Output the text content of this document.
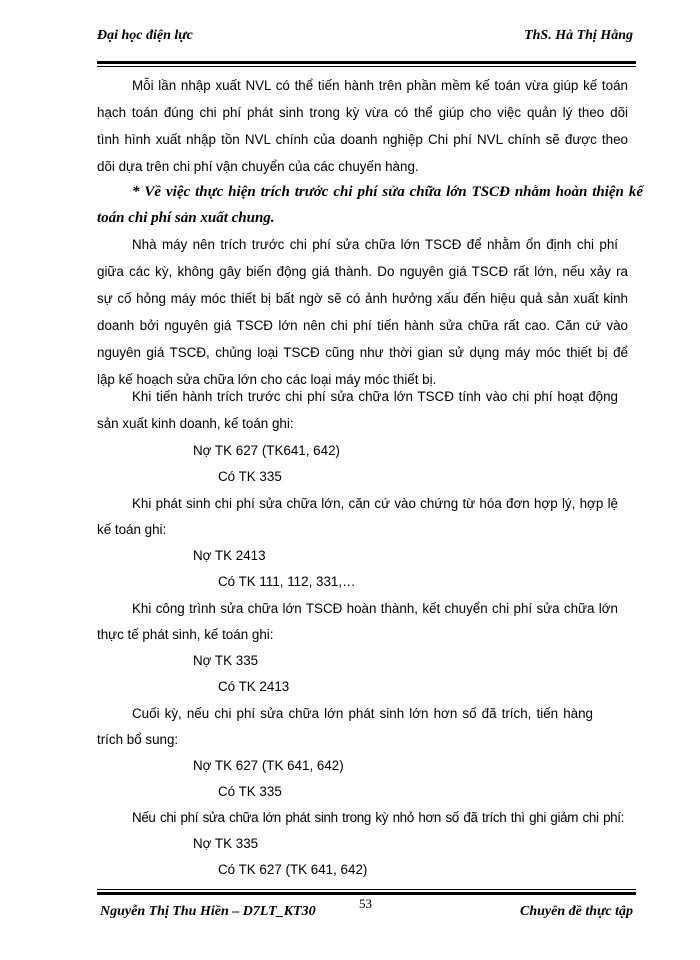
Đại học điện lực	ThS. Hà Thị Hằng
Mỗi lần nhập xuất NVL có thể tiến hành trên phần mềm kế toán vừa giúp kế toán
hạch toán đúng chi phí phát sinh trong kỳ vừa có thể giúp cho việc quản lý theo dõi
tình hình xuất nhập tồn NVL chính của doanh nghiệp Chi phí NVL chính sẽ được theo
dõi dựa trên chi phí vận chuyển của các chuyến hàng.
* Về việc thực hiện trích trước chi phí sửa chữa lớn TSCĐ nhằm hoàn thiện kế
toán chi phí sản xuất chung.
Nhà máy nên trích trước chi phí sửa chữa lớn TSCĐ để nhằm ổn định chi phí
giữa các kỳ, không gây biến động giá thành. Do nguyên giá TSCĐ rất lớn, nếu xảy ra
sự cố hỏng máy móc thiết bị bất ngờ sẽ có ảnh hưởng xấu đến hiệu quả sản xuất kinh
doanh bởi nguyên giá TSCĐ lớn nên chi phí tiến hành sửa chữa rất cao. Căn cứ vào
nguyên giá TSCĐ, chủng loại TSCĐ cũng như thời gian sử dụng máy móc thiết bị để
lập kế hoạch sửa chữa lớn cho các loại máy móc thiết bị.
Khi tiến hành trích trước chi phí sửa chữa lớn TSCĐ tính vào chi phí hoạt động
sản xuất kinh doanh, kế toán ghi:
Nợ TK 627 (TK641, 642)
Có TK 335
Khi phát sinh chi phí sửa chữa lớn, căn cứ vào chứng từ hóa đơn hợp lý, hợp lệ
kế toán ghi:
Nợ TK 2413
Có TK 111, 112, 331,…
Khi công trình sửa chữa lớn TSCĐ hoàn thành, kết chuyển chi phí sửa chữa lớn
thực tế phát sinh, kế toán ghi:
Nợ TK 335
Có TK 2413
Cuối kỳ, nếu chi phí sửa chữa lớn phát sinh lớn hơn số đã trích, tiến hàng
trích bổ sung:
Nợ TK 627 (TK 641, 642)
Có TK 335
Nếu chi phí sửa chữa lớn phát sinh trong kỳ nhỏ hơn số đã trích thì ghi giảm chi phí:
Nợ TK 335
Có TK 627 (TK 641, 642)
Nguyễn Thị Thu Hiền – D7LT_KT30
53
Chuyên đề thực tập
